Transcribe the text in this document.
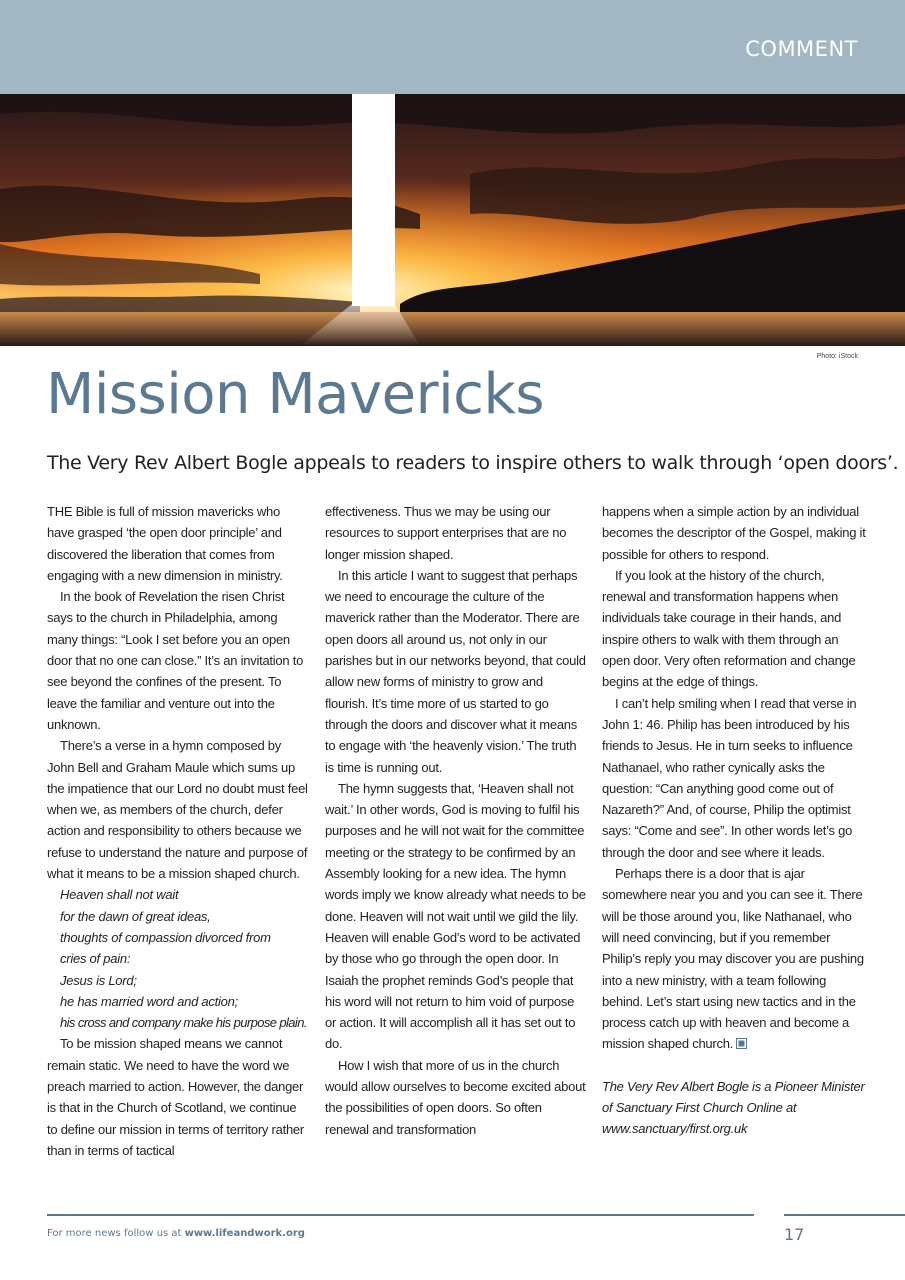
COMMENT
Photo: iStock
Mission Mavericks

The Very Rev Albert Bogle appeals to readers to inspire others to walk through ‘open doors’.

THE Bible is full of mission mavericks who have grasped ‘the open door principle’ and discovered the liberation that comes from engaging with a new dimension in ministry.

In the book of Revelation the risen Christ says to the church in Philadelphia, among many things: “Look I set before you an open door that no one can close.” It’s an invitation to see beyond the confines of the present. To leave the familiar and venture out into the unknown.

There’s a verse in a hymn composed by John Bell and Graham Maule which sums up the impatience that our Lord no doubt must feel when we, as members of the church, defer action and responsibility to others because we refuse to understand the nature and purpose of what it means to be a mission shaped church.

Heaven shall not wait
for the dawn of great ideas,
thoughts of compassion divorced from
cries of pain:
Jesus is Lord;
he has married word and action;
his cross and company make his purpose plain.

To be mission shaped means we cannot remain static. We need to have the word we preach married to action. However, the danger is that in the Church of Scotland, we continue to define our mission in terms of territory rather than in terms of tactical

effectiveness. Thus we may be using our resources to support enterprises that are no longer mission shaped.

In this article I want to suggest that perhaps we need to encourage the culture of the maverick rather than the Moderator. There are open doors all around us, not only in our parishes but in our networks beyond, that could allow new forms of ministry to grow and flourish. It’s time more of us started to go through the doors and discover what it means to engage with ‘the heavenly vision.’ The truth is time is running out.

The hymn suggests that, ‘Heaven shall not wait.’ In other words, God is moving to fulfil his purposes and he will not wait for the committee meeting or the strategy to be confirmed by an Assembly looking for a new idea. The hymn words imply we know already what needs to be done. Heaven will not wait until we gild the lily. Heaven will enable God’s word to be activated by those who go through the open door. In Isaiah the prophet reminds God’s people that his word will not return to him void of purpose or action. It will accomplish all it has set out to do.

How I wish that more of us in the church would allow ourselves to become excited about the possibilities of open doors. So often renewal and transformation

happens when a simple action by an individual becomes the descriptor of the Gospel, making it possible for others to respond.

If you look at the history of the church, renewal and transformation happens when individuals take courage in their hands, and inspire others to walk with them through an open door. Very often reformation and change begins at the edge of things.

I can’t help smiling when I read that verse in John 1: 46. Philip has been introduced by his friends to Jesus. He in turn seeks to influence Nathanael, who rather cynically asks the question: “Can anything good come out of Nazareth?” And, of course, Philip the optimist says: “Come and see”. In other words let’s go through the door and see where it leads.

Perhaps there is a door that is ajar somewhere near you and you can see it. There will be those around you, like Nathanael, who will need convincing, but if you remember Philip’s reply you may discover you are pushing into a new ministry, with a team following behind. Let’s start using new tactics and in the process catch up with heaven and become a mission shaped church.

The Very Rev Albert Bogle is a Pioneer Minister of Sanctuary First Church Online at www.sanctuary/first.org.uk

For more news follow us at www.lifeandwork.org	17
